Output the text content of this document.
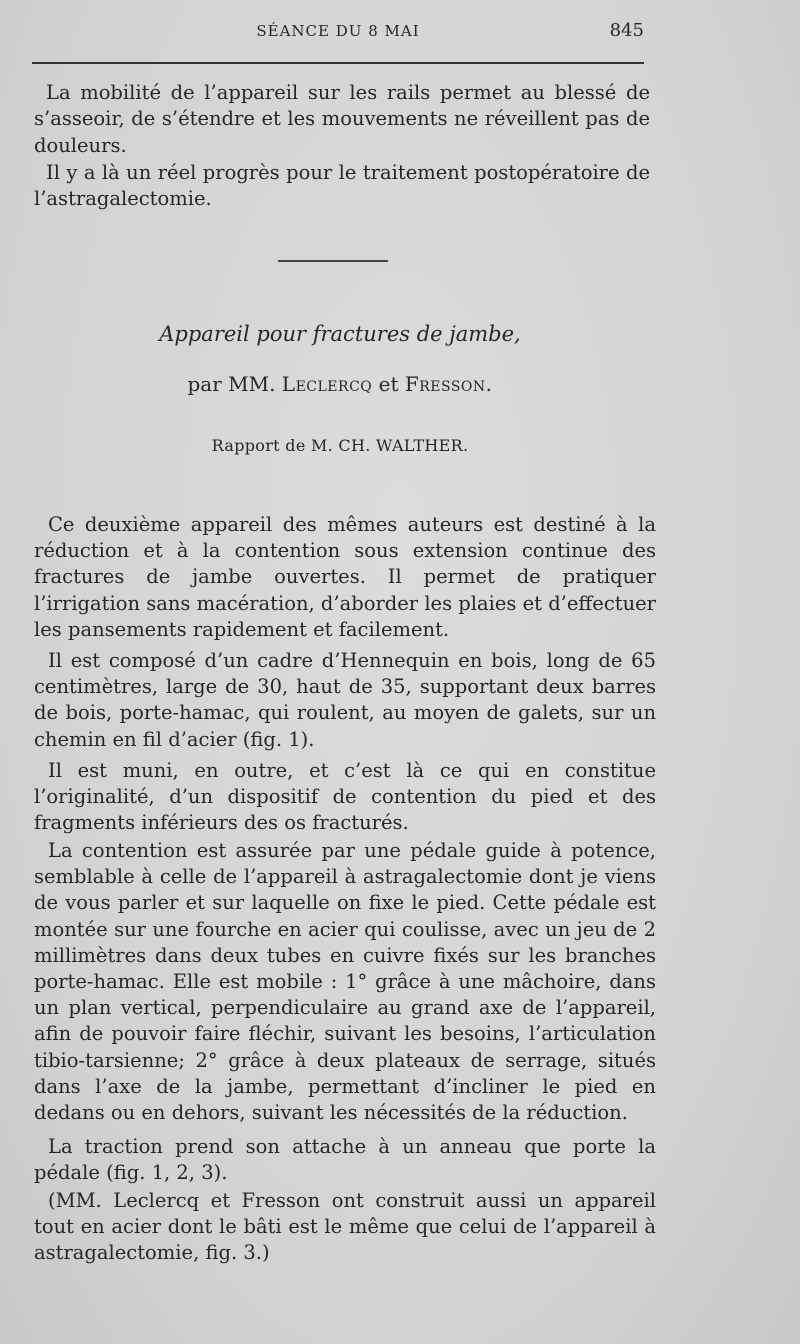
SÉANCE DU 8 MAI	845

La mobilité de l’appareil sur les rails permet au blessé de s’asseoir, de s’étendre et les mouvements ne réveillent pas de douleurs.

Il y a là un réel progrès pour le traitement postopératoire de l’astragalectomie.

Appareil pour fractures de jambe,
par MM. Leclercq et Fresson.
Rapport de M. CH. WALTHER.

Ce deuxième appareil des mêmes auteurs est destiné à la réduction et à la contention sous extension continue des fractures de jambe ouvertes. Il permet de pratiquer l’irrigation sans macération, d’aborder les plaies et d’effectuer les pansements rapidement et facilement.

Il est composé d’un cadre d’Hennequin en bois, long de 65 centimètres, large de 30, haut de 35, supportant deux barres de bois, porte-hamac, qui roulent, au moyen de galets, sur un chemin en fil d’acier (fig. 1).

Il est muni, en outre, et c’est là ce qui en constitue l’originalité, d’un dispositif de contention du pied et des fragments inférieurs des os fracturés.

La contention est assurée par une pédale guide à potence, semblable à celle de l’appareil à astragalectomie dont je viens de vous parler et sur laquelle on fixe le pied. Cette pédale est montée sur une fourche en acier qui coulisse, avec un jeu de 2 millimètres dans deux tubes en cuivre fixés sur les branches porte-hamac. Elle est mobile : 1° grâce à une mâchoire, dans un plan vertical, perpendiculaire au grand axe de l’appareil, afin de pouvoir faire fléchir, suivant les besoins, l’articulation tibio-tarsienne; 2° grâce à deux plateaux de serrage, situés dans l’axe de la jambe, permettant d’incliner le pied en dedans ou en dehors, suivant les nécessités de la réduction.

La traction prend son attache à un anneau que porte la pédale (fig. 1, 2, 3).

(MM. Leclercq et Fresson ont construit aussi un appareil tout en acier dont le bâti est le même que celui de l’appareil à astragalectomie, fig. 3.)
